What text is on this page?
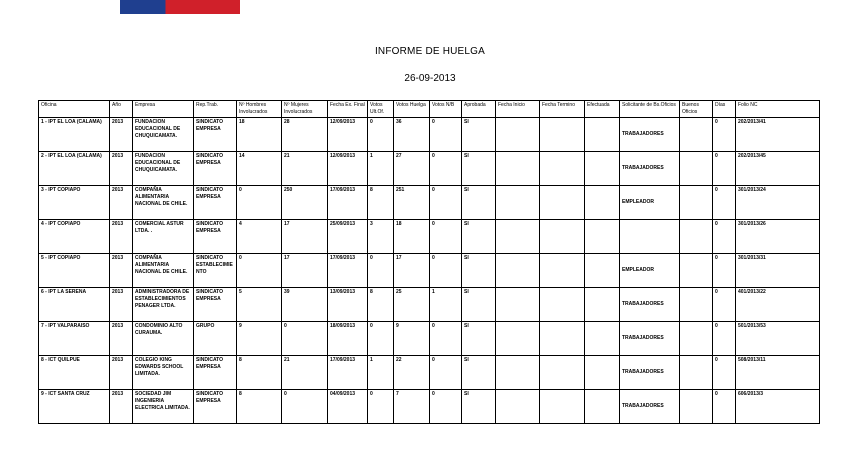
Gobierno de Chile
INFORME DE HUELGA
26-09-2013
Oficina	Año	Empresa	Rep.Trab.	Nº Hombres Involucrados	Nº Mujeres Involucrados	Fecha Ex. Final	Votos Ult.Of.	Votos Huelga	Votos N/B	Aprobada	Fecha Inicio	Fecha Termino	Efectuada	Solicitante de Bs.Oficios	Buenos Oficios	Días	Folio NC
1 - IPT EL LOA (CALAMA)	2013	FUNDACION EDUCACIONAL DE CHUQUICAMATA.	SINDICATO EMPRESA	18	28	12/09/2013	0	36	0	SI				TRABAJADORES		0	202/2013/41
2 - IPT EL LOA (CALAMA)	2013	FUNDACION EDUCACIONAL DE CHUQUICAMATA.	SINDICATO EMPRESA	14	21	12/09/2013	1	27	0	SI				TRABAJADORES		0	202/2013/45
3 - IPT COPIAPO	2013	COMPAÑIA ALIMENTARIA NACIONAL DE CHILE.	SINDICATO EMPRESA	0	250	17/09/2013	8	251	0	SI				EMPLEADOR		0	301/2013/24
4 - IPT COPIAPO	2013	COMERCIAL ASTUR LTDA. .	SINDICATO EMPRESA	4	17	25/09/2013	3	18	0	SI						0	301/2013/26
5 - IPT COPIAPO	2013	COMPAÑIA ALIMENTARIA NACIONAL DE CHILE.	SINDICATO ESTABLECIMIENTO	0	17	17/09/2013	0	17	0	SI				EMPLEADOR		0	301/2013/31
6 - IPT LA SERENA	2013	ADMINISTRADORA DE ESTABLECIMIENTOS PENAGER LTDA.	SINDICATO EMPRESA	5	39	13/09/2013	8	25	1	SI				TRABAJADORES		0	401/2013/22
7 - IPT VALPARAISO	2013	CONDOMINIO ALTO CURAUMA.	GRUPO	9	0	18/09/2013	0	9	0	SI				TRABAJADORES		0	501/2013/53
8 - ICT QUILPUE	2013	COLEGIO KING EDWARDS SCHOOL LIMITADA.	SINDICATO EMPRESA	8	21	17/09/2013	1	22	0	SI				TRABAJADORES		0	508/2013/11
9 - ICT SANTA CRUZ	2013	SOCIEDAD JIM INGENIERIA ELECTRICA LIMITADA.	SINDICATO EMPRESA	8	0	04/09/2013	0	7	0	SI				TRABAJADORES		0	606/2013/3
